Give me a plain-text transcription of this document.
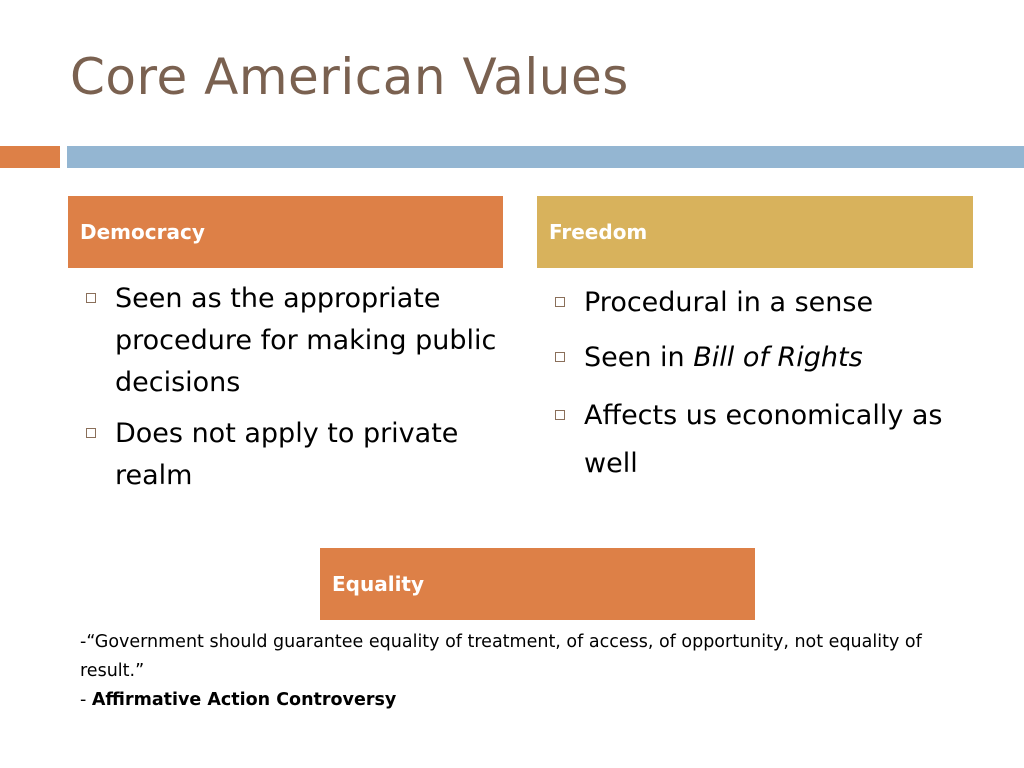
Core American Values
Democracy
Seen as the appropriate procedure for making public decisions
Does not apply to private realm
Freedom
Procedural in a sense
Seen in Bill of Rights
Affects us economically as well
Equality

-“Government should guarantee equality of treatment, of access, of opportunity, not equality of result.”

- Affirmative Action Controversy
